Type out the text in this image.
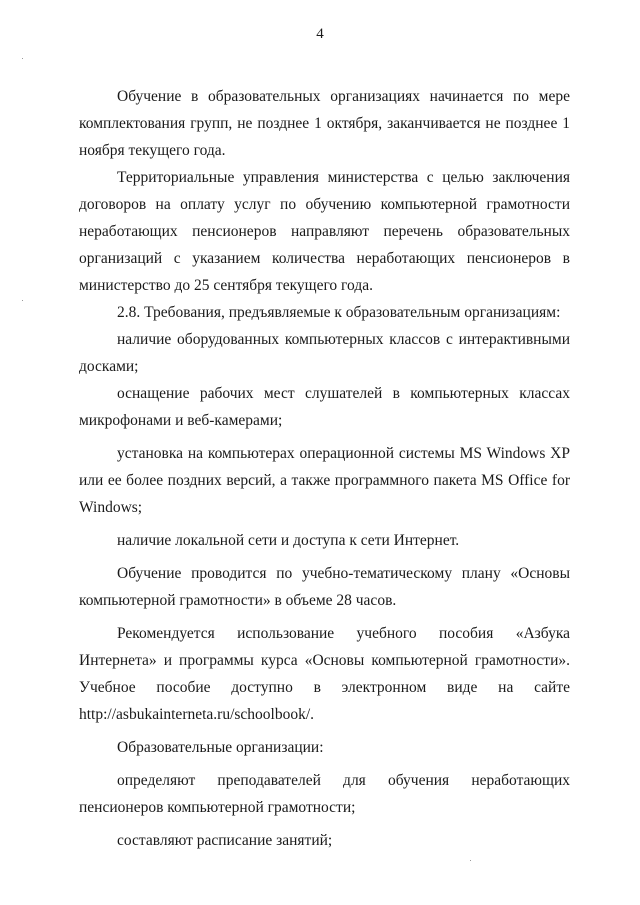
4

Обучение в образовательных организациях начинается по мере комплектования групп, не позднее 1 октября, заканчивается не позднее 1 ноября текущего года.

Территориальные управления министерства с целью заключения договоров на оплату услуг по обучению компьютерной грамотности неработающих пенсионеров направляют перечень образовательных организаций с указанием количества неработающих пенсионеров в министерство до 25 сентября текущего года.

2.8. Требования, предъявляемые к образовательным организациям:

наличие оборудованных компьютерных классов с интерактивными досками;

оснащение рабочих мест слушателей в компьютерных классах микрофонами и веб-камерами;

установка на компьютерах операционной системы MS Windows XP или ее более поздних версий, а также программного пакета MS Office for Windows;

наличие локальной сети и доступа к сети Интернет.

Обучение проводится по учебно-тематическому плану «Основы компьютерной грамотности» в объеме 28 часов.

Рекомендуется использование учебного пособия «Азбука Интернета» и программы курса «Основы компьютерной грамотности». Учебное пособие доступно в электронном виде на сайте http://asbukainterneta.ru/schoolbook/.

Образовательные организации:

определяют преподавателей для обучения неработающих пенсионеров компьютерной грамотности;

составляют расписание занятий;
